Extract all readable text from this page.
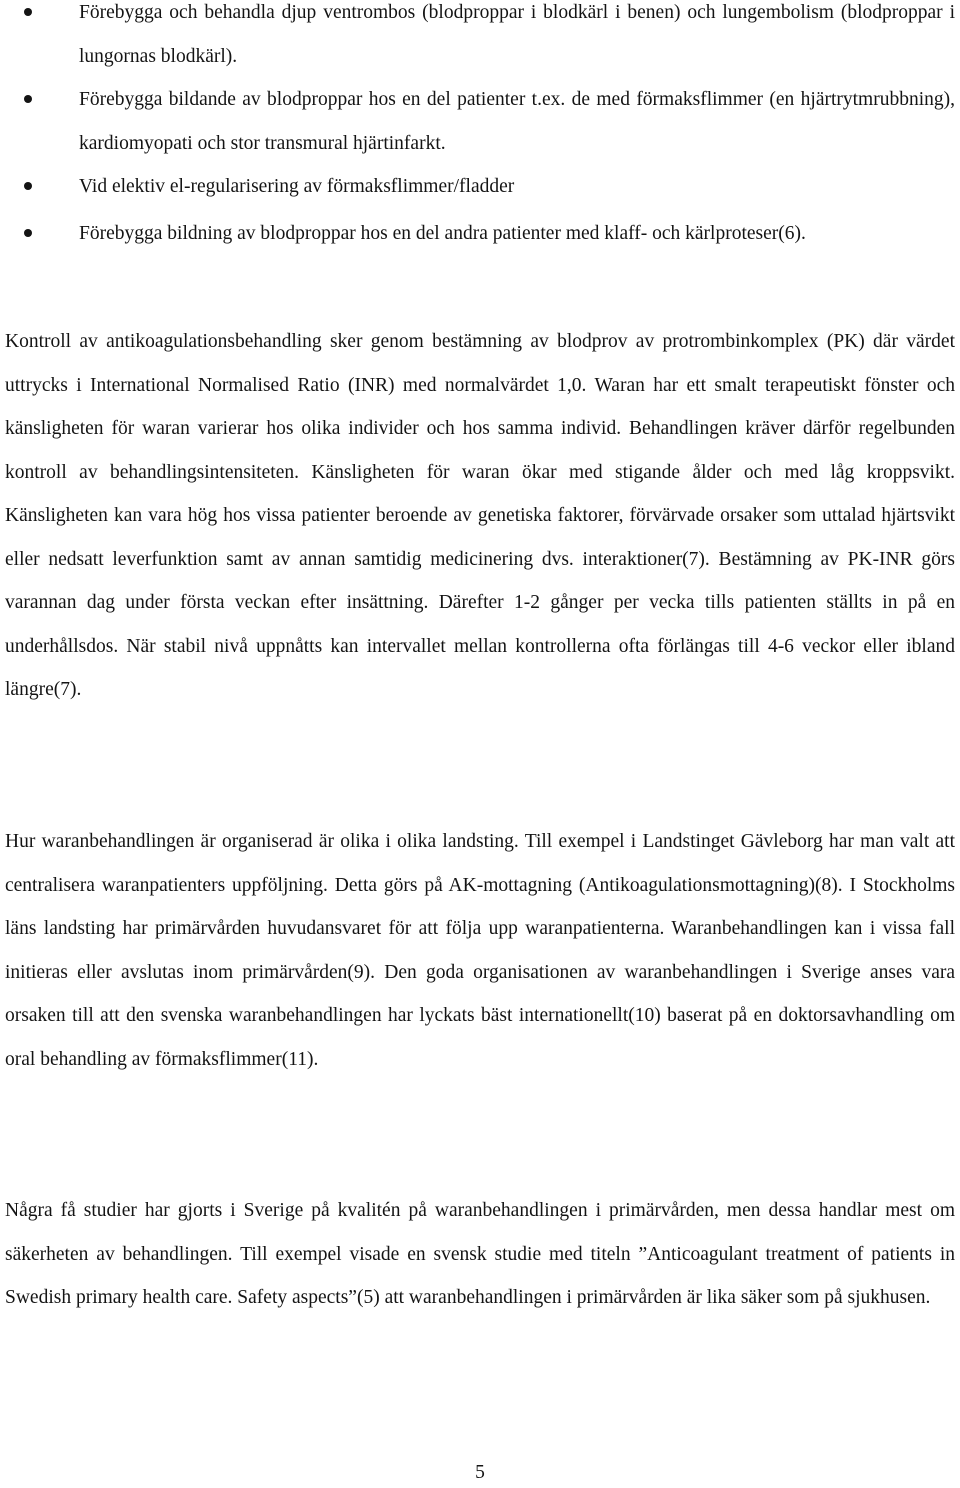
Förebygga och behandla djup ventrombos (blodproppar i blodkärl i benen) och lungembolism (blodproppar i lungornas blodkärl).
Förebygga bildande av blodproppar hos en del patienter t.ex. de med förmaksflimmer (en hjärtrytmrubbning), kardiomyopati och stor transmural hjärtinfarkt.
Vid elektiv el-regularisering av förmaksflimmer/fladder
Förebygga bildning av blodproppar hos en del andra patienter med klaff- och kärlproteser(6).

Kontroll av antikoagulationsbehandling sker genom bestämning av blodprov av protrombinkomplex (PK) där värdet uttrycks i International Normalised Ratio (INR) med normalvärdet 1,0. Waran har ett smalt terapeutiskt fönster och känsligheten för waran varierar hos olika individer och hos samma individ. Behandlingen kräver därför regelbunden kontroll av behandlingsintensiteten. Känsligheten för waran ökar med stigande ålder och med låg kroppsvikt. Känsligheten kan vara hög hos vissa patienter beroende av genetiska faktorer, förvärvade orsaker som uttalad hjärtsvikt eller nedsatt leverfunktion samt av annan samtidig medicinering dvs. interaktioner(7). Bestämning av PK-INR görs varannan dag under första veckan efter insättning. Därefter 1-2 gånger per vecka tills patienten ställts in på en underhållsdos. När stabil nivå uppnåtts kan intervallet mellan kontrollerna ofta förlängas till 4-6 veckor eller ibland längre(7).

Hur waranbehandlingen är organiserad är olika i olika landsting. Till exempel i Landstinget Gävleborg har man valt att centralisera waranpatienters uppföljning. Detta görs på AK-mottagning (Antikoagulationsmottagning)(8). I Stockholms läns landsting har primärvården huvudansvaret för att följa upp waranpatienterna. Waranbehandlingen kan i vissa fall initieras eller avslutas inom primärvården(9). Den goda organisationen av waranbehandlingen i Sverige anses vara orsaken till att den svenska waranbehandlingen har lyckats bäst internationellt(10) baserat på en doktorsavhandling om oral behandling av förmaksflimmer(11).

Några få studier har gjorts i Sverige på kvalitén på waranbehandlingen i primärvården, men dessa handlar mest om säkerheten av behandlingen. Till exempel visade en svensk studie med titeln ”Anticoagulant treatment of patients in Swedish primary health care. Safety aspects”(5) att waranbehandlingen i primärvården är lika säker som på sjukhusen.

5
